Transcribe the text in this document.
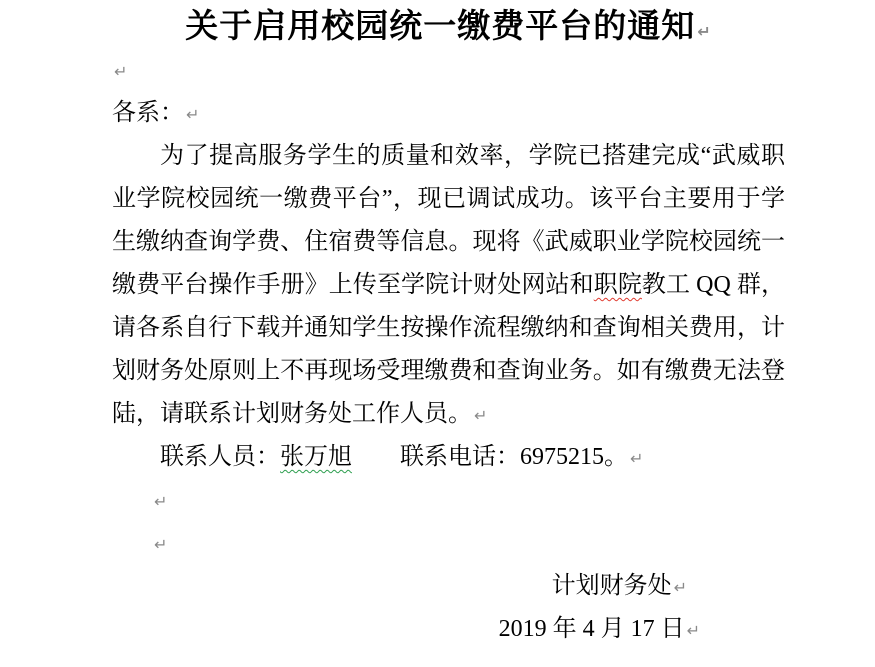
关于启用校园统一缴费平台的通知 ↵
↵
各系： ↵
为了提高服务学生的质量和效率，学院已搭建完成“武威职
业学院校园统一缴费平台”，现已调试成功。该平台主要用于学
生缴纳查询学费、住宿费等信息。现将《武威职业学院校园统一
缴费平台操作手册》上传至学院计财处网站和职院教工 QQ 群，
请各系自行下载并通知学生按操作流程缴纳和查询相关费用，计
划财务处原则上不再现场受理缴费和查询业务。如有缴费无法登
陆，请联系计划财务处工作人员。 ↵
联系人员：张万旭　　联系电话：6975215。 ↵
↵
↵
计划财务处 ↵
2019 年 4 月 17 日 ↵
